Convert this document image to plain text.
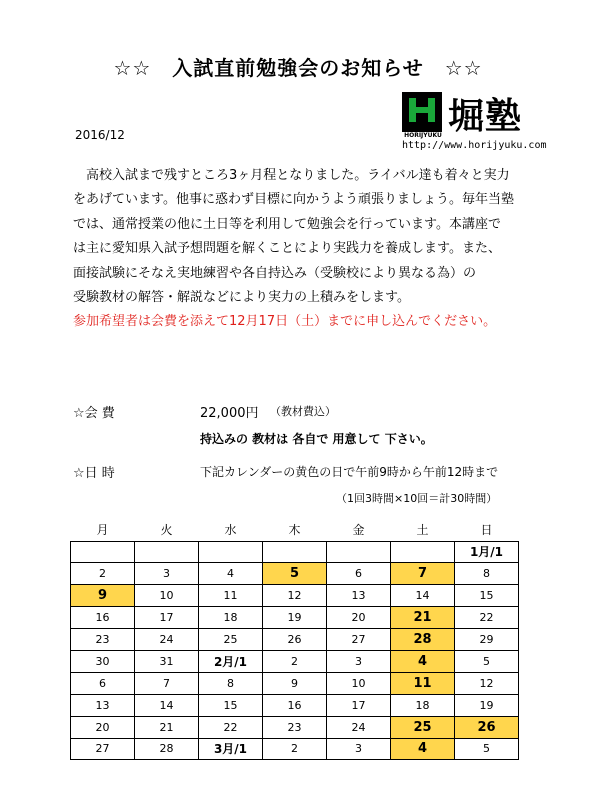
☆☆　入試直前勉強会のお知らせ　☆☆
HORIJYUKU 堀塾
http://www.horijyuku.com
2016/12
　高校入試まで残すところ3ヶ月程となりました。ライバル達も着々と実力
をあげています。他事に惑わず目標に向かうよう頑張りましょう。毎年当塾
では、通常授業の他に土日等を利用して勉強会を行っています。本講座で
は主に愛知県入試予想問題を解くことにより実践力を養成します。また、
面接試験にそなえ実地練習や各自持込み（受験校により異なる為）の
受験教材の解答・解説などにより実力の上積みをします。
参加希望者は会費を添えて12月17日（土）までに申し込んでください。
☆会 費	22,000円 （教材費込）
持込みの 教材は 各自で 用意して 下さい。
☆日 時	下記カレンダーの黄色の日で午前9時から午前12時まで
（1回3時間×10回＝計30時間）
月	火	水	木	金	土	日
						1月/1
2	3	4	5	6	7	8
9	10	11	12	13	14	15
16	17	18	19	20	21	22
23	24	25	26	27	28	29
30	31	2月/1	2	3	4	5
6	7	8	9	10	11	12
13	14	15	16	17	18	19
20	21	22	23	24	25	26
27	28	3月/1	2	3	4	5
